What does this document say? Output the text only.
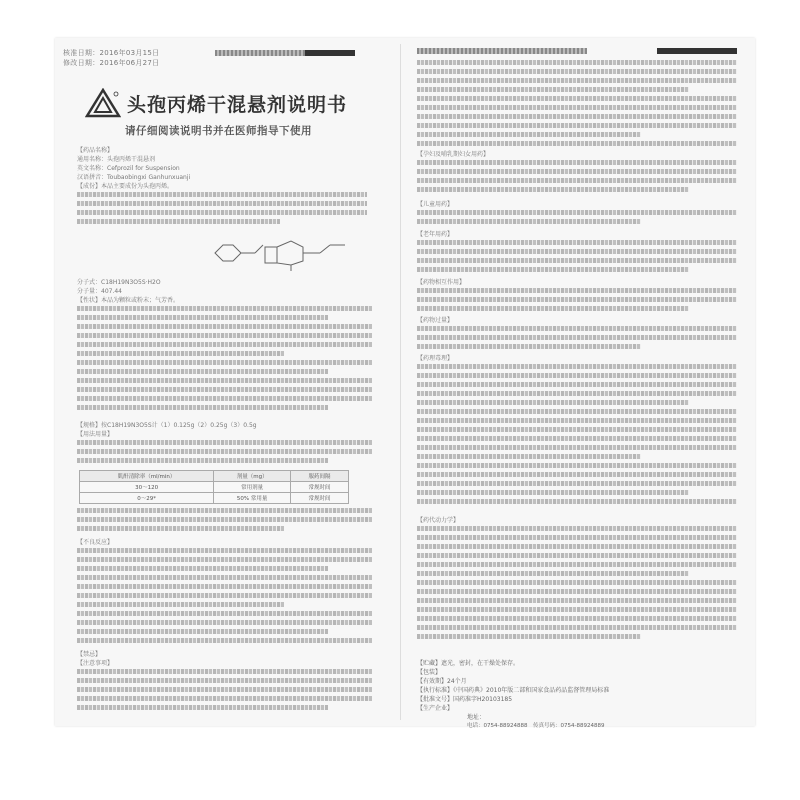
核准日期：2016年03月15日
修改日期：2016年06月27日
头孢丙烯干混悬剂说明书
请仔细阅读说明书并在医师指导下使用
【药品名称】
通用名称：头孢丙烯干混悬剂
英文名称：Cefprozil for Suspension
汉语拼音：Toubaobingxi Ganhunxuanji
【成份】本品主要成份为头孢丙烯。
分子式：C18H19N3O5S·H2O
分子量：407.44
【性状】本品为颗粒或粉末；气芳香。
【规格】按C18H19N3O5S计（1）0.125g（2）0.25g（3）0.5g
【用法用量】
肌酐清除率（ml/min）	剂量（mg）	服药间隔
30～120	常用剂量	常规时间
0～29*	50% 常用量	常规时间
【不良反应】
【禁忌】
【注意事项】
【孕妇及哺乳期妇女用药】
【儿童用药】
【老年用药】
【药物相互作用】
【药物过量】
【药理毒理】
【药代动力学】
【贮藏】遮光，密封，在干燥处保存。
【包装】
【有效期】24个月
【执行标准】《中国药典》2010年版二部和国家食品药品监督管理局标准
【批准文号】国药准字H20103185
【生产企业】
地址：
电话：0754-88924888　传真号码：0754-88924889
